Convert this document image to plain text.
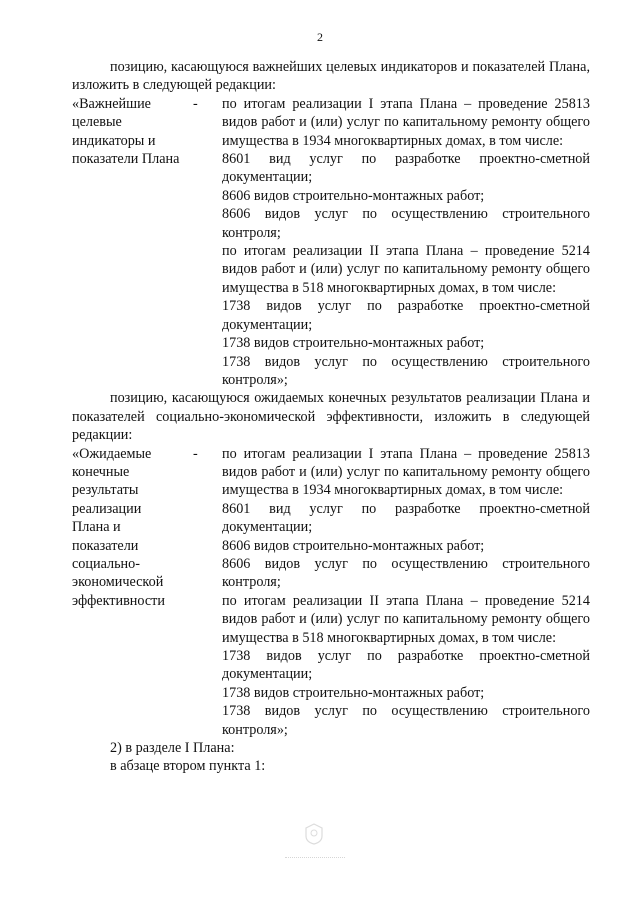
2

позицию, касающуюся важнейших целевых индикаторов и показателей Плана, изложить в следующей редакции:

«Важнейшие
целевые
индикаторы и
показатели Плана
- по итогам реализации I этапа Плана – проведение 25813 видов работ и (или) услуг по капитальному ремонту общего имущества в 1934 многоквартирных домах, в том числе:
8601 вид услуг по разработке проектно-сметной документации;
8606 видов строительно-монтажных работ;
8606 видов услуг по осуществлению строительного контроля;
по итогам реализации II этапа Плана – проведение 5214 видов работ и (или) услуг по капитальному ремонту общего имущества в 518 многоквартирных домах, в том числе:
1738 видов услуг по разработке проектно-сметной документации;
1738 видов строительно-монтажных работ;
1738 видов услуг по осуществлению строительного контроля»;

позицию, касающуюся ожидаемых конечных результатов реализации Плана и показателей социально-экономической эффективности, изложить в следующей редакции:

«Ожидаемые
конечные
результаты
реализации
Плана и
показатели
социально-
экономической
эффективности
- по итогам реализации I этапа Плана – проведение 25813 видов работ и (или) услуг по капитальному ремонту общего имущества в 1934 многоквартирных домах, в том числе:
8601 вид услуг по разработке проектно-сметной документации;
8606 видов строительно-монтажных работ;
8606 видов услуг по осуществлению строительного контроля;
по итогам реализации II этапа Плана – проведение 5214 видов работ и (или) услуг по капитальному ремонту общего имущества в 518 многоквартирных домах, в том числе:
1738 видов услуг по разработке проектно-сметной документации;
1738 видов строительно-монтажных работ;
1738 видов услуг по осуществлению строительного контроля»;

2) в разделе I Плана:

в абзаце втором пункта 1:
